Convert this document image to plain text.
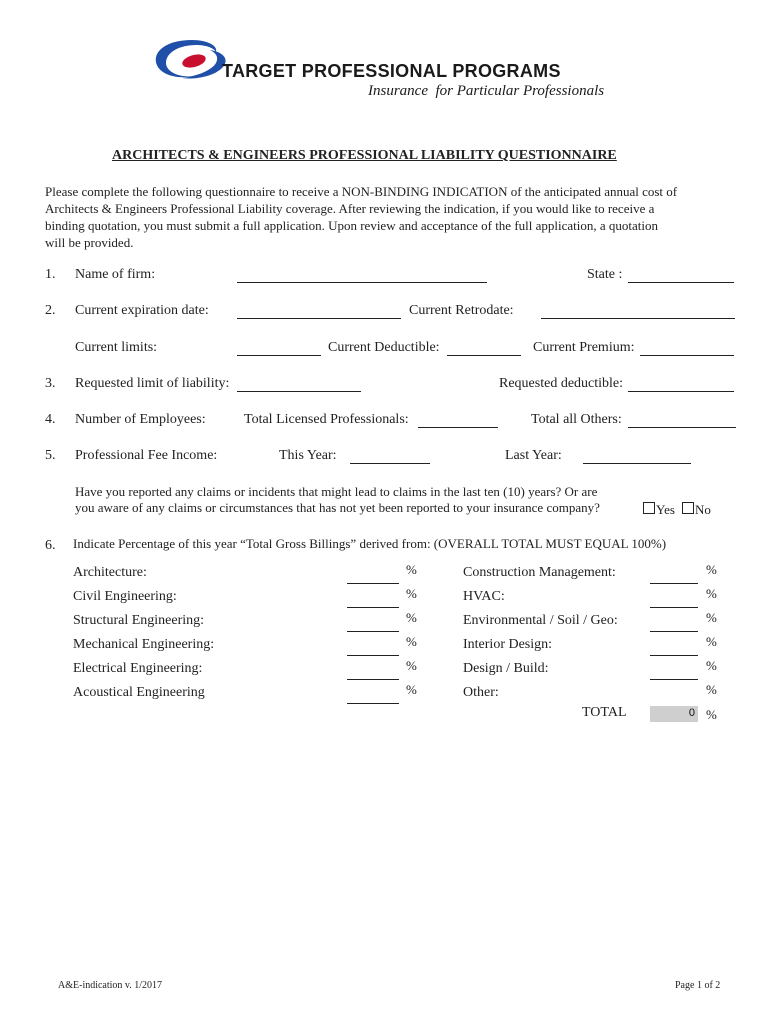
TARGET PROFESSIONAL PROGRAMS
Insurance  for Particular Professionals
ARCHITECTS & ENGINEERS PROFESSIONAL LIABILITY QUESTIONNAIRE
Please complete the following questionnaire to receive a NON-BINDING INDICATION of the anticipated annual cost of
Architects & Engineers Professional Liability coverage. After reviewing the indication, if you would like to receive a
binding quotation, you must submit a full application. Upon review and acceptance of the full application, a quotation
will be provided.
1. Name of firm:	State :
2. Current expiration date:	Current Retrodate:
Current limits:	Current Deductible:	Current Premium:
3. Requested limit of liability:	Requested deductible:
4. Number of Employees:	Total Licensed Professionals:	Total all Others:
5. Professional Fee Income:	This Year:	Last Year:
Have you reported any claims or incidents that might lead to claims in the last ten (10) years? Or are
you aware of any claims or circumstances that has not yet been reported to your insurance company?	Yes No
6. Indicate Percentage of this year “Total Gross Billings” derived from: (OVERALL TOTAL MUST EQUAL 100%)
Architecture:	%
Civil Engineering:	%
Structural Engineering:	%
Mechanical Engineering:	%
Electrical Engineering:	%
Acoustical Engineering	%
Construction Management:	%
HVAC:	%
Environmental / Soil / Geo:	%
Interior Design:	%
Design / Build:	%
Other:	%
TOTAL	0 %
A&E-indication v. 1/2017	Page 1 of 2
